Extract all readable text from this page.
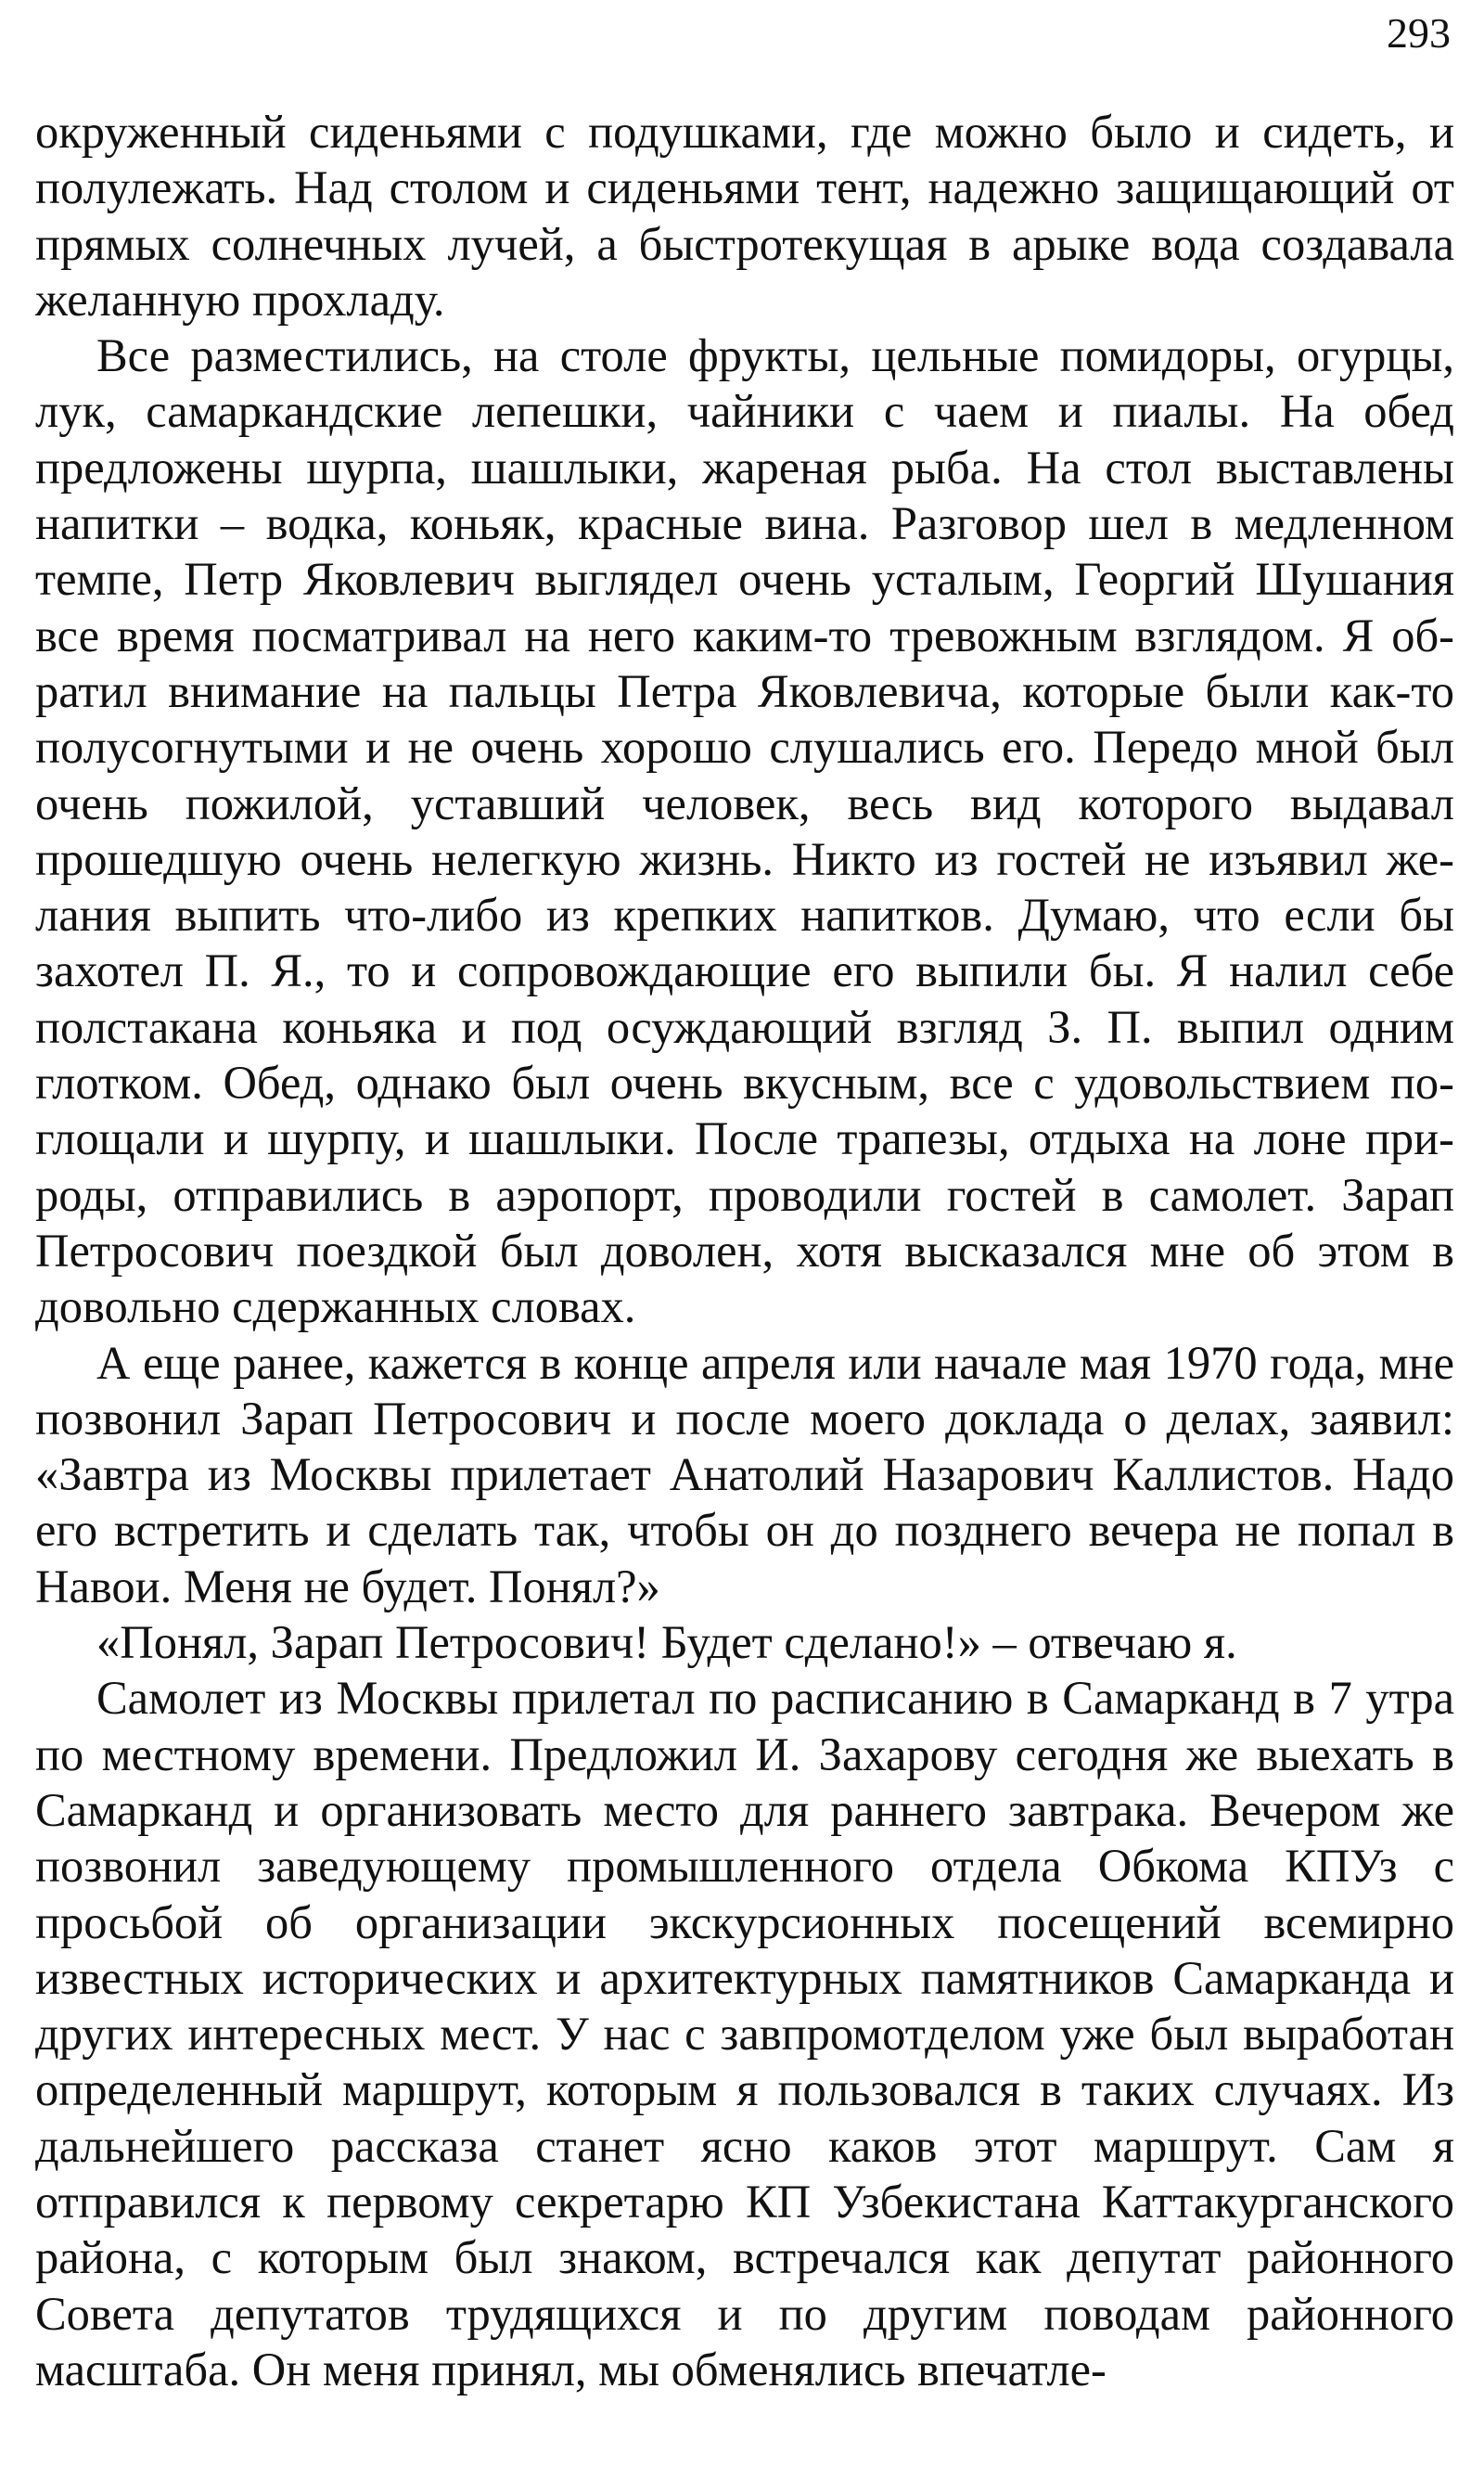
293

окруженный сиденьями с подушками, где можно было и сидеть, и полулежать. Над столом и сиденьями тент, надежно защищающий от прямых солнечных лучей, а быстротекущая в арыке вода создавала желанную прохладу.

Все разместились, на столе фрукты, цельные помидоры, огурцы, лук, самаркандские лепешки, чайники с чаем и пиалы. На обед предложены шурпа, шашлыки, жареная рыба. На стол выставлены напитки – водка, коньяк, красные вина. Разговор шел в медленном темпе, Петр Яковлевич выглядел очень усталым, Георгий Шушания все время посматривал на него каким-то тревожным взглядом. Я обратил внимание на пальцы Петра Яковлевича, которые были как-то полусогнутыми и не очень хорошо слушались его. Передо мной был очень пожилой, уставший человек, весь вид которого выдавал прошедшую очень нелегкую жизнь. Никто из гостей не изъявил желания выпить что-либо из крепких напитков. Думаю, что если бы захотел П. Я., то и сопровождающие его выпили бы. Я налил себе полстакана коньяка и под осуждающий взгляд З. П. выпил одним глотком. Обед, однако был очень вкусным, все с удовольствием поглощали и шурпу, и шашлыки. После трапезы, отдыха на лоне природы, отправились в аэропорт, проводили гостей в самолет. Зарап Петросович поездкой был доволен, хотя высказался мне об этом в довольно сдержанных словах.

А еще ранее, кажется в конце апреля или начале мая 1970 года, мне позвонил Зарап Петросович и после моего доклада о делах, заявил: «Завтра из Москвы прилетает Анатолий Назарович Каллистов. Надо его встретить и сделать так, чтобы он до позднего вечера не попал в Навои. Меня не будет. Понял?»

«Понял, Зарап Петросович! Будет сделано!» – отвечаю я.

Самолет из Москвы прилетал по расписанию в Самарканд в 7 утра по местному времени. Предложил И. Захарову сегодня же выехать в Самарканд и организовать место для раннего завтрака. Вечером же позвонил заведующему промышленного отдела Обкома КПУз с просьбой об организации экскурсионных посещений всемирно известных исторических и архитектурных памятников Самарканда и других интересных мест. У нас с завпромотделом уже был выработан определенный маршрут, которым я пользовался в таких случаях. Из дальнейшего рассказа станет ясно каков этот маршрут. Сам я отправился к первому секретарю КП Узбекистана Каттакурганского района, с которым был знаком, встречался как депутат районного Совета депутатов трудящихся и по другим поводам районного масштаба. Он меня принял, мы обменялись впечатле-
